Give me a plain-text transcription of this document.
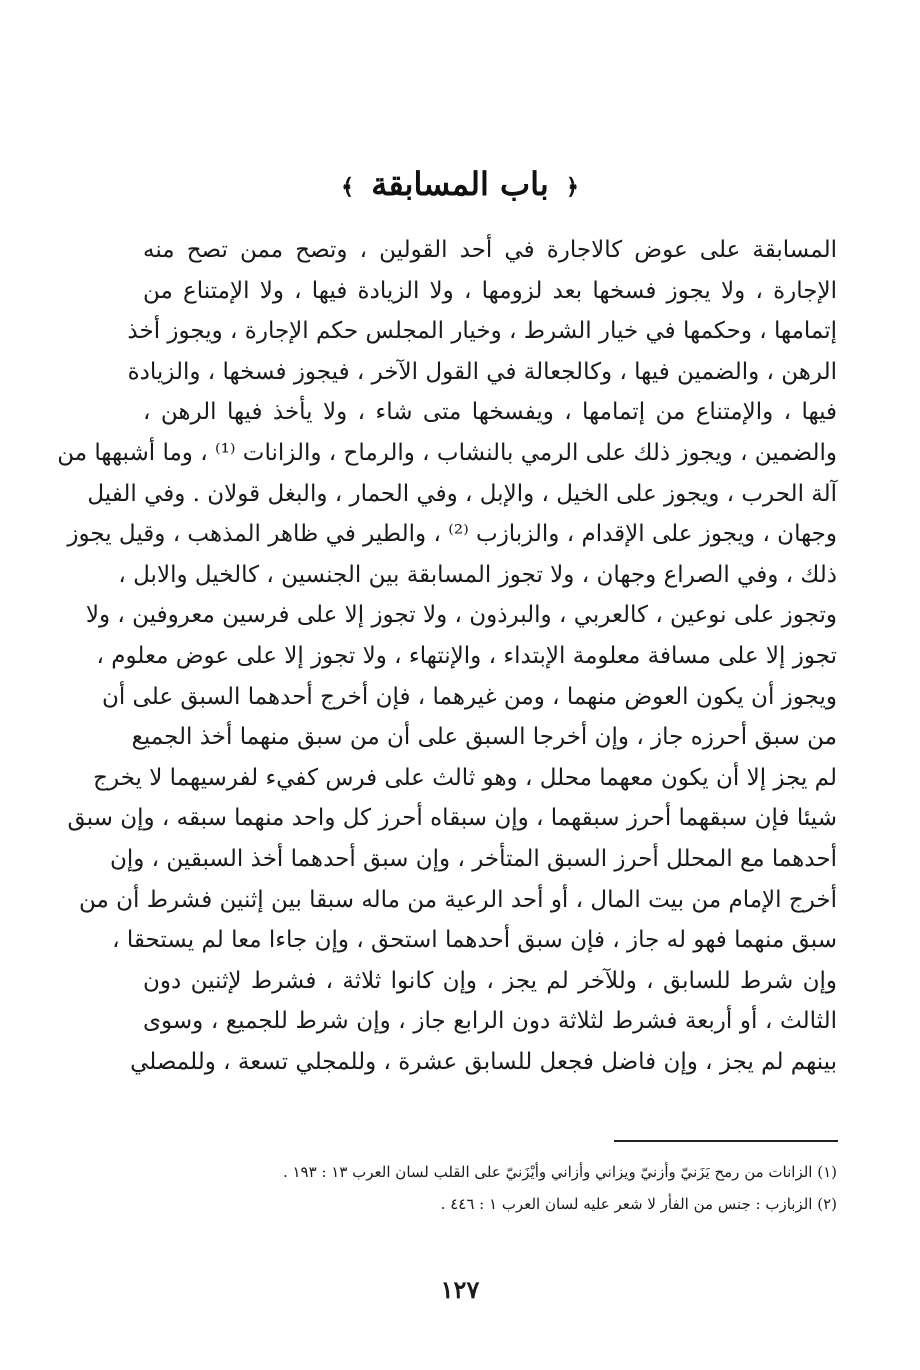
﴿ باب المسابقة ﴾
المسابقة على عوض كالاجارة في أحد القولين ، وتصح ممن تصح منه
الإجارة ، ولا يجوز فسخها بعد لزومها ، ولا الزيادة فيها ، ولا الإمتناع من
إتمامها ، وحكمها في خيار الشرط ، وخيار المجلس حكم الإجارة ، ويجوز أخذ
الرهن ، والضمين فيها ، وكالجعالة في القول الآخر ، فيجوز فسخها ، والزيادة
فيها ، والإمتناع من إتمامها ، ويفسخها متى شاء ، ولا يأخذ فيها الرهن ،
والضمين ، ويجوز ذلك على الرمي بالنشاب ، والرماح ، والزانات ⁽¹⁾ ، وما أشبهها من
آلة الحرب ، ويجوز على الخيل ، والإبل ، وفي الحمار ، والبغل قولان . وفي الفيل
وجهان ، ويجوز على الإقدام ، والزبازب ⁽²⁾ ، والطير في ظاهر المذهب ، وقيل يجوز
ذلك ، وفي الصراع وجهان ، ولا تجوز المسابقة بين الجنسين ، كالخيل والابل ،
وتجوز على نوعين ، كالعربي ، والبرذون ، ولا تجوز إلا على فرسين معروفين ، ولا
تجوز إلا على مسافة معلومة الإبتداء ، والإنتهاء ، ولا تجوز إلا على عوض معلوم ،
ويجوز أن يكون العوض منهما ، ومن غيرهما ، فإن أخرج أحدهما السبق على أن
من سبق أحرزه جاز ، وإن أخرجا السبق على أن من سبق منهما أخذ الجميع
لم يجز إلا أن يكون معهما محلل ، وهو ثالث على فرس كفيء لفرسيهما لا يخرج
شيئا فإن سبقهما أحرز سبقهما ، وإن سبقاه أحرز كل واحد منهما سبقه ، وإن سبق
أحدهما مع المحلل أحرز السبق المتأخر ، وإن سبق أحدهما أخذ السبقين ، وإن
أخرج الإمام من بيت المال ، أو أحد الرعية من ماله سبقا بين إثنين فشرط أن من
سبق منهما فهو له جاز ، فإن سبق أحدهما استحق ، وإن جاءا معا لم يستحقا ،
وإن شرط للسابق ، وللآخر لم يجز ، وإن كانوا ثلاثة ، فشرط لإثنين دون
الثالث ، أو أربعة فشرط لثلاثة دون الرابع جاز ، وإن شرط للجميع ، وسوى
بينهم لم يجز ، وإن فاضل فجعل للسابق عشرة ، وللمجلي تسعة ، وللمصلي
(١) الزانات من رمح يَزَنيّ وأزنيّ ويزاني وأزاني وأيْزَنيّ على القلب لسان العرب ١٣ : ١٩٣ .
(٢) الزبازب : جنس من الفأر لا شعر عليه لسان العرب ١ : ٤٤٦ .
١٢٧
